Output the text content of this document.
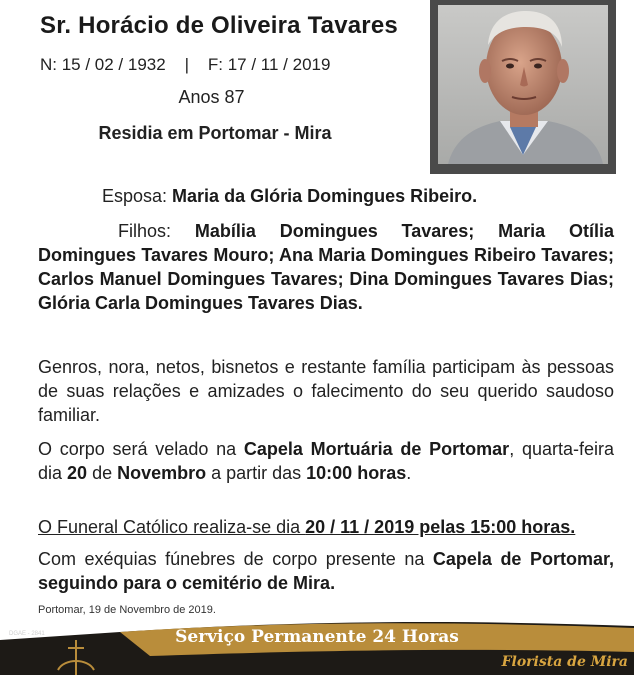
Sr. Horácio de Oliveira Tavares
N: 15 / 02 / 1932    |    F: 17 / 11 / 2019
Anos 87
Residia em Portomar - Mira
Esposa: Maria da Glória Domingues Ribeiro.
Filhos: Mabília Domingues Tavares; Maria Otília Domingues Tavares Mouro; Ana Maria Domingues Ribeiro Tavares; Carlos Manuel Domingues Tavares; Dina Domingues Tavares Dias; Glória Carla Domingues Tavares Dias.
Genros, nora, netos, bisnetos e restante família participam às pessoas de suas relações e amizades o falecimento do seu querido saudoso familiar.
O corpo será velado na Capela Mortuária de Portomar, quarta-feira dia 20 de Novembro a partir das 10:00 horas.
O Funeral Católico realiza-se dia 20 / 11 / 2019 pelas 15:00 horas.
Com exéquias fúnebres de corpo presente na Capela de Portomar, seguindo para o cemitério de Mira.
Portomar, 19 de Novembro de 2019.
DGAE - 2841	Serviço Permanente 24 Horas
Florista de Mira
